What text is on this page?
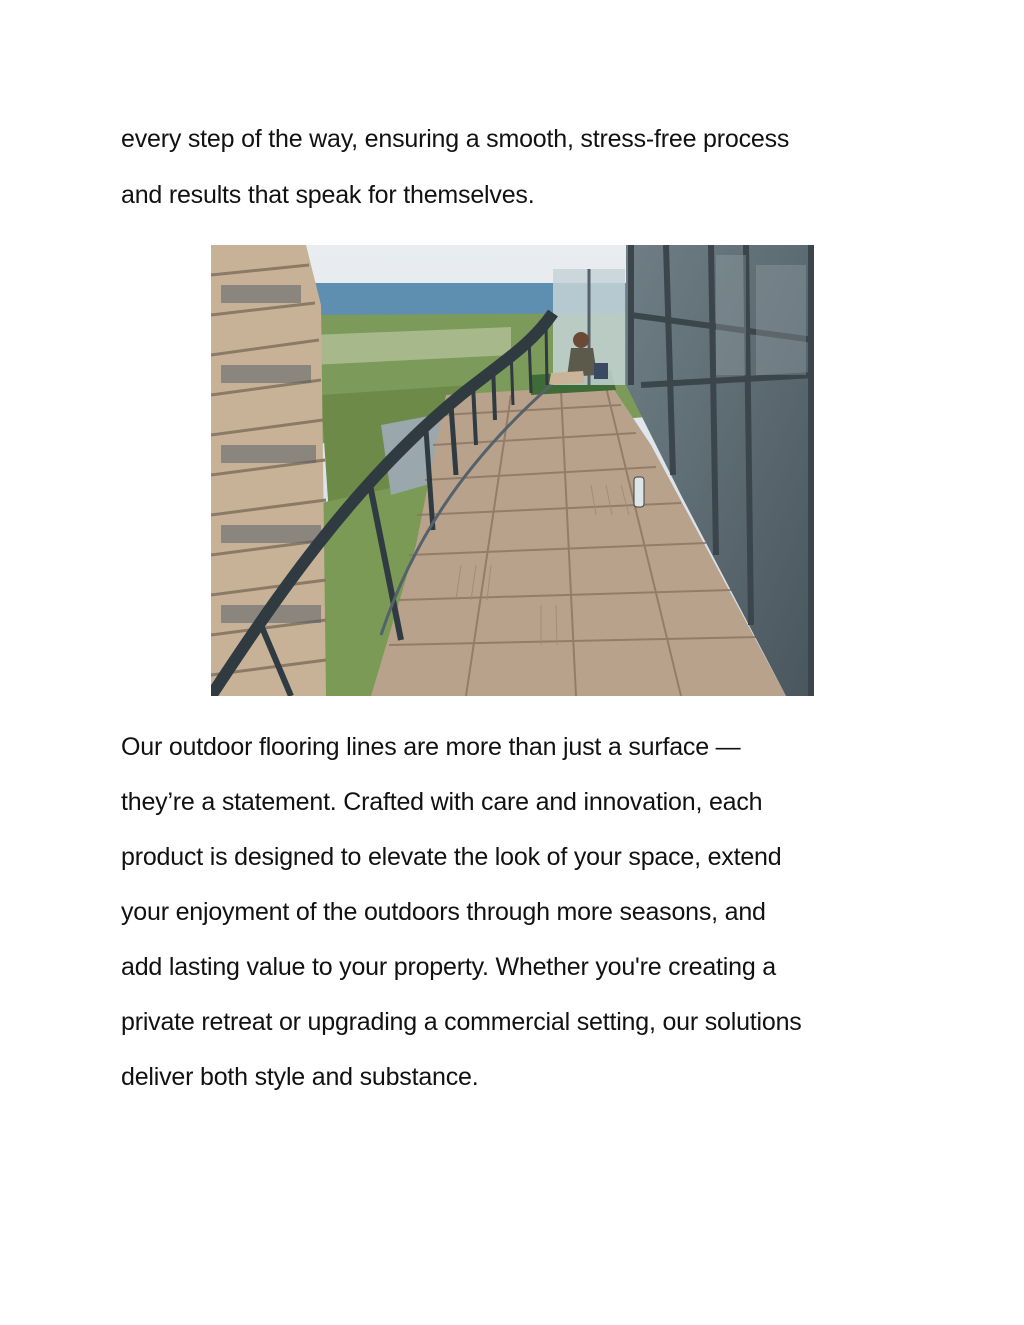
every step of the way, ensuring a smooth, stress-free process
and results that speak for themselves.
Our outdoor flooring lines are more than just a surface —
they’re a statement. Crafted with care and innovation, each
product is designed to elevate the look of your space, extend
your enjoyment of the outdoors through more seasons, and
add lasting value to your property. Whether you're creating a
private retreat or upgrading a commercial setting, our solutions
deliver both style and substance.
